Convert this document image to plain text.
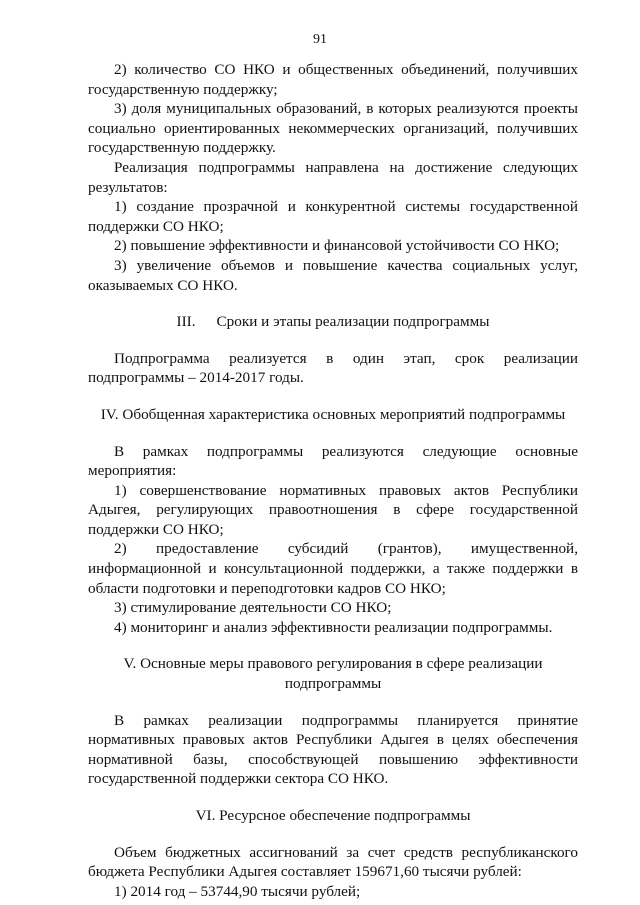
91

2) количество СО НКО и общественных объединений, получивших государственную поддержку;

3) доля муниципальных образований, в которых реализуются проекты социально ориентированных некоммерческих организаций, получивших государственную поддержку.

Реализация подпрограммы направлена на достижение следующих результатов:

1) создание прозрачной и конкурентной системы государственной поддержки СО НКО;

2) повышение эффективности и финансовой устойчивости СО НКО;

3) увеличение объемов и повышение качества социальных услуг, оказываемых СО НКО.

III. Сроки и этапы реализации подпрограммы

Подпрограмма реализуется в один этап, срок реализации подпрограммы – 2014-2017 годы.

IV. Обобщенная характеристика основных мероприятий подпрограммы

В рамках подпрограммы реализуются следующие основные мероприятия:

1) совершенствование нормативных правовых актов Республики Адыгея, регулирующих правоотношения в сфере государственной поддержки СО НКО;

2) предоставление субсидий (грантов), имущественной, информационной и консультационной поддержки, а также поддержки в области подготовки и переподготовки кадров СО НКО;

3) стимулирование деятельности СО НКО;

4) мониторинг и анализ эффективности реализации подпрограммы.

V. Основные меры правового регулирования в сфере реализации

подпрограммы

В рамках реализации подпрограммы планируется принятие нормативных правовых актов Республики Адыгея в целях обеспечения нормативной базы, способствующей повышению эффективности государственной поддержки сектора СО НКО.

VI. Ресурсное обеспечение подпрограммы

Объем бюджетных ассигнований за счет средств республиканского бюджета Республики Адыгея составляет 159671,60 тысячи рублей:

1) 2014 год – 53744,90 тысячи рублей;
